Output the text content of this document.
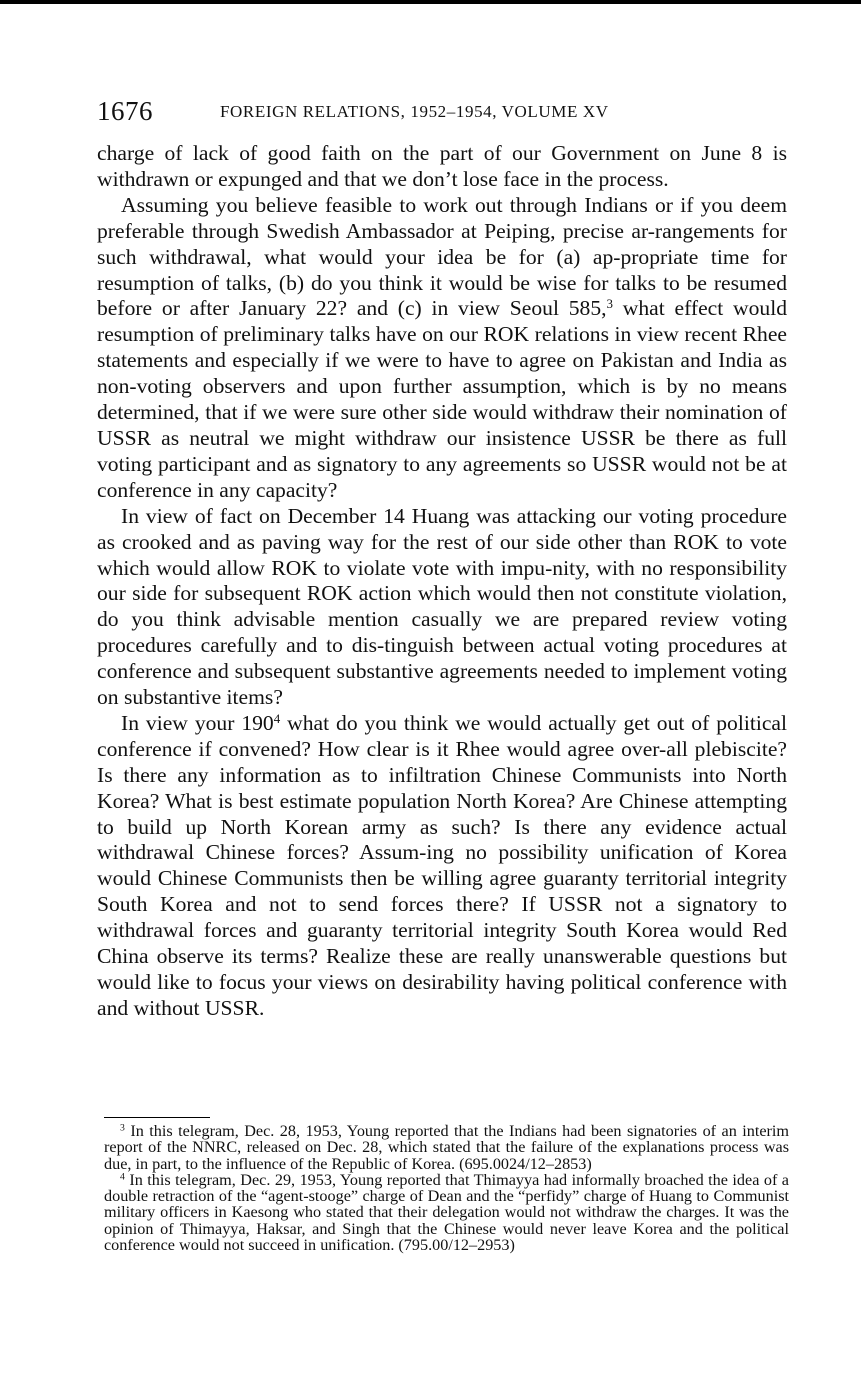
1676	FOREIGN RELATIONS, 1952–1954, VOLUME XV

charge of lack of good faith on the part of our Government on June 8 is withdrawn or expunged and that we don’t lose face in the process.

Assuming you believe feasible to work out through Indians or if you deem preferable through Swedish Ambassador at Peiping, precise ar-rangements for such withdrawal, what would your idea be for (a) ap-propriate time for resumption of talks, (b) do you think it would be wise for talks to be resumed before or after January 22? and (c) in view Seoul 585,$^3$ what effect would resumption of preliminary talks have on our ROK relations in view recent Rhee statements and especially if we were to have to agree on Pakistan and India as non-voting observers and upon further assumption, which is by no means determined, that if we were sure other side would withdraw their nomination of USSR as neutral we might withdraw our insistence USSR be there as full voting participant and as signatory to any agreements so USSR would not be at conference in any capacity?

In view of fact on December 14 Huang was attacking our voting procedure as crooked and as paving way for the rest of our side other than ROK to vote which would allow ROK to violate vote with impu-nity, with no responsibility our side for subsequent ROK action which would then not constitute violation, do you think advisable mention casually we are prepared review voting procedures carefully and to dis-tinguish between actual voting procedures at conference and subsequent substantive agreements needed to implement voting on substantive items?

In view your $190^4$ what do you think we would actually get out of political conference if convened? How clear is it Rhee would agree over-all plebiscite? Is there any information as to infiltration Chinese Communists into North Korea? What is best estimate population North Korea? Are Chinese attempting to build up North Korean army as such? Is there any evidence actual withdrawal Chinese forces? Assum-ing no possibility unification of Korea would Chinese Communists then be willing agree guaranty territorial integrity South Korea and not to send forces there? If USSR not a signatory to withdrawal forces and guaranty territorial integrity South Korea would Red China observe its terms? Realize these are really unanswerable questions but would like to focus your views on desirability having political conference with and without USSR.

$^3$ In this telegram, Dec. 28, 1953, Young reported that the Indians had been signatories of an interim report of the NNRC, released on Dec. 28, which stated that the failure of the explanations process was due, in part, to the influence of the Republic of Korea. (695.0024/12–2853)

$^4$ In this telegram, Dec. 29, 1953, Young reported that Thimayya had informally broached the idea of a double retraction of the “agent-stooge” charge of Dean and the “perfidy” charge of Huang to Communist military officers in Kaesong who stated that their delegation would not withdraw the charges. It was the opinion of Thimayya, Haksar, and Singh that the Chinese would never leave Korea and the political conference would not succeed in unification. (795.00/12–2953)
